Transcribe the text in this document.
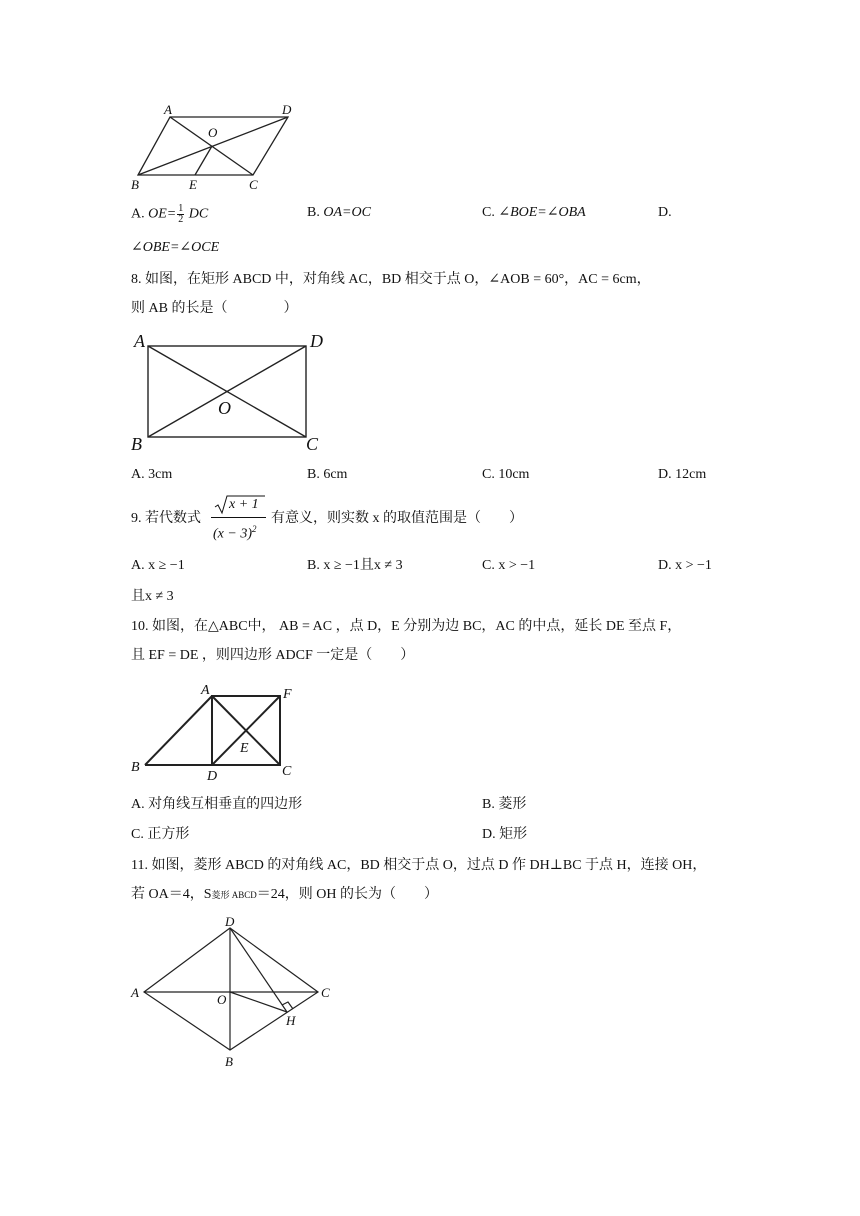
A	D
O
B	E	C
A. $OE= \frac{1}{2}$ DC	B. OA=OC	C. ∠BOE=∠OBA	D.
∠OBE=∠OCE
8. 如图，在矩形 ABCD 中，对角线 AC，BD 相交于点 O，∠AOB = 60°，AC = 6cm，
则 AB 的长是（　　　　）
A	D
O
B	C
A. 3cm	B. 6cm	C. 10cm	D. 12cm
9. 若代数式
x + 1
$(x - 3)^2$
有意义，则实数 x 的取值范围是（　　）
A. x ≥ −1	B. x ≥ −1且x ≠ 3	C. x > −1	D. x > −1
且x ≠ 3
10. 如图，在△ABC中， AB = AC ，点 D，E 分别为边 BC，AC 的中点，延长 DE 至点 F，
且 EF = DE ，则四边形 ADCF 一定是（　　）
A	F
E
B
D	C
A. 对角线互相垂直的四边形	B. 菱形
C. 正方形	D. 矩形
11. 如图，菱形 ABCD 的对角线 AC，BD 相交于点 O，过点 D 作 DH⊥BC 于点 H，连接 OH，
若 OA＝4，S菱形 ABCD＝24，则 OH 的长为（　　）
D
A	O	C
H
B
